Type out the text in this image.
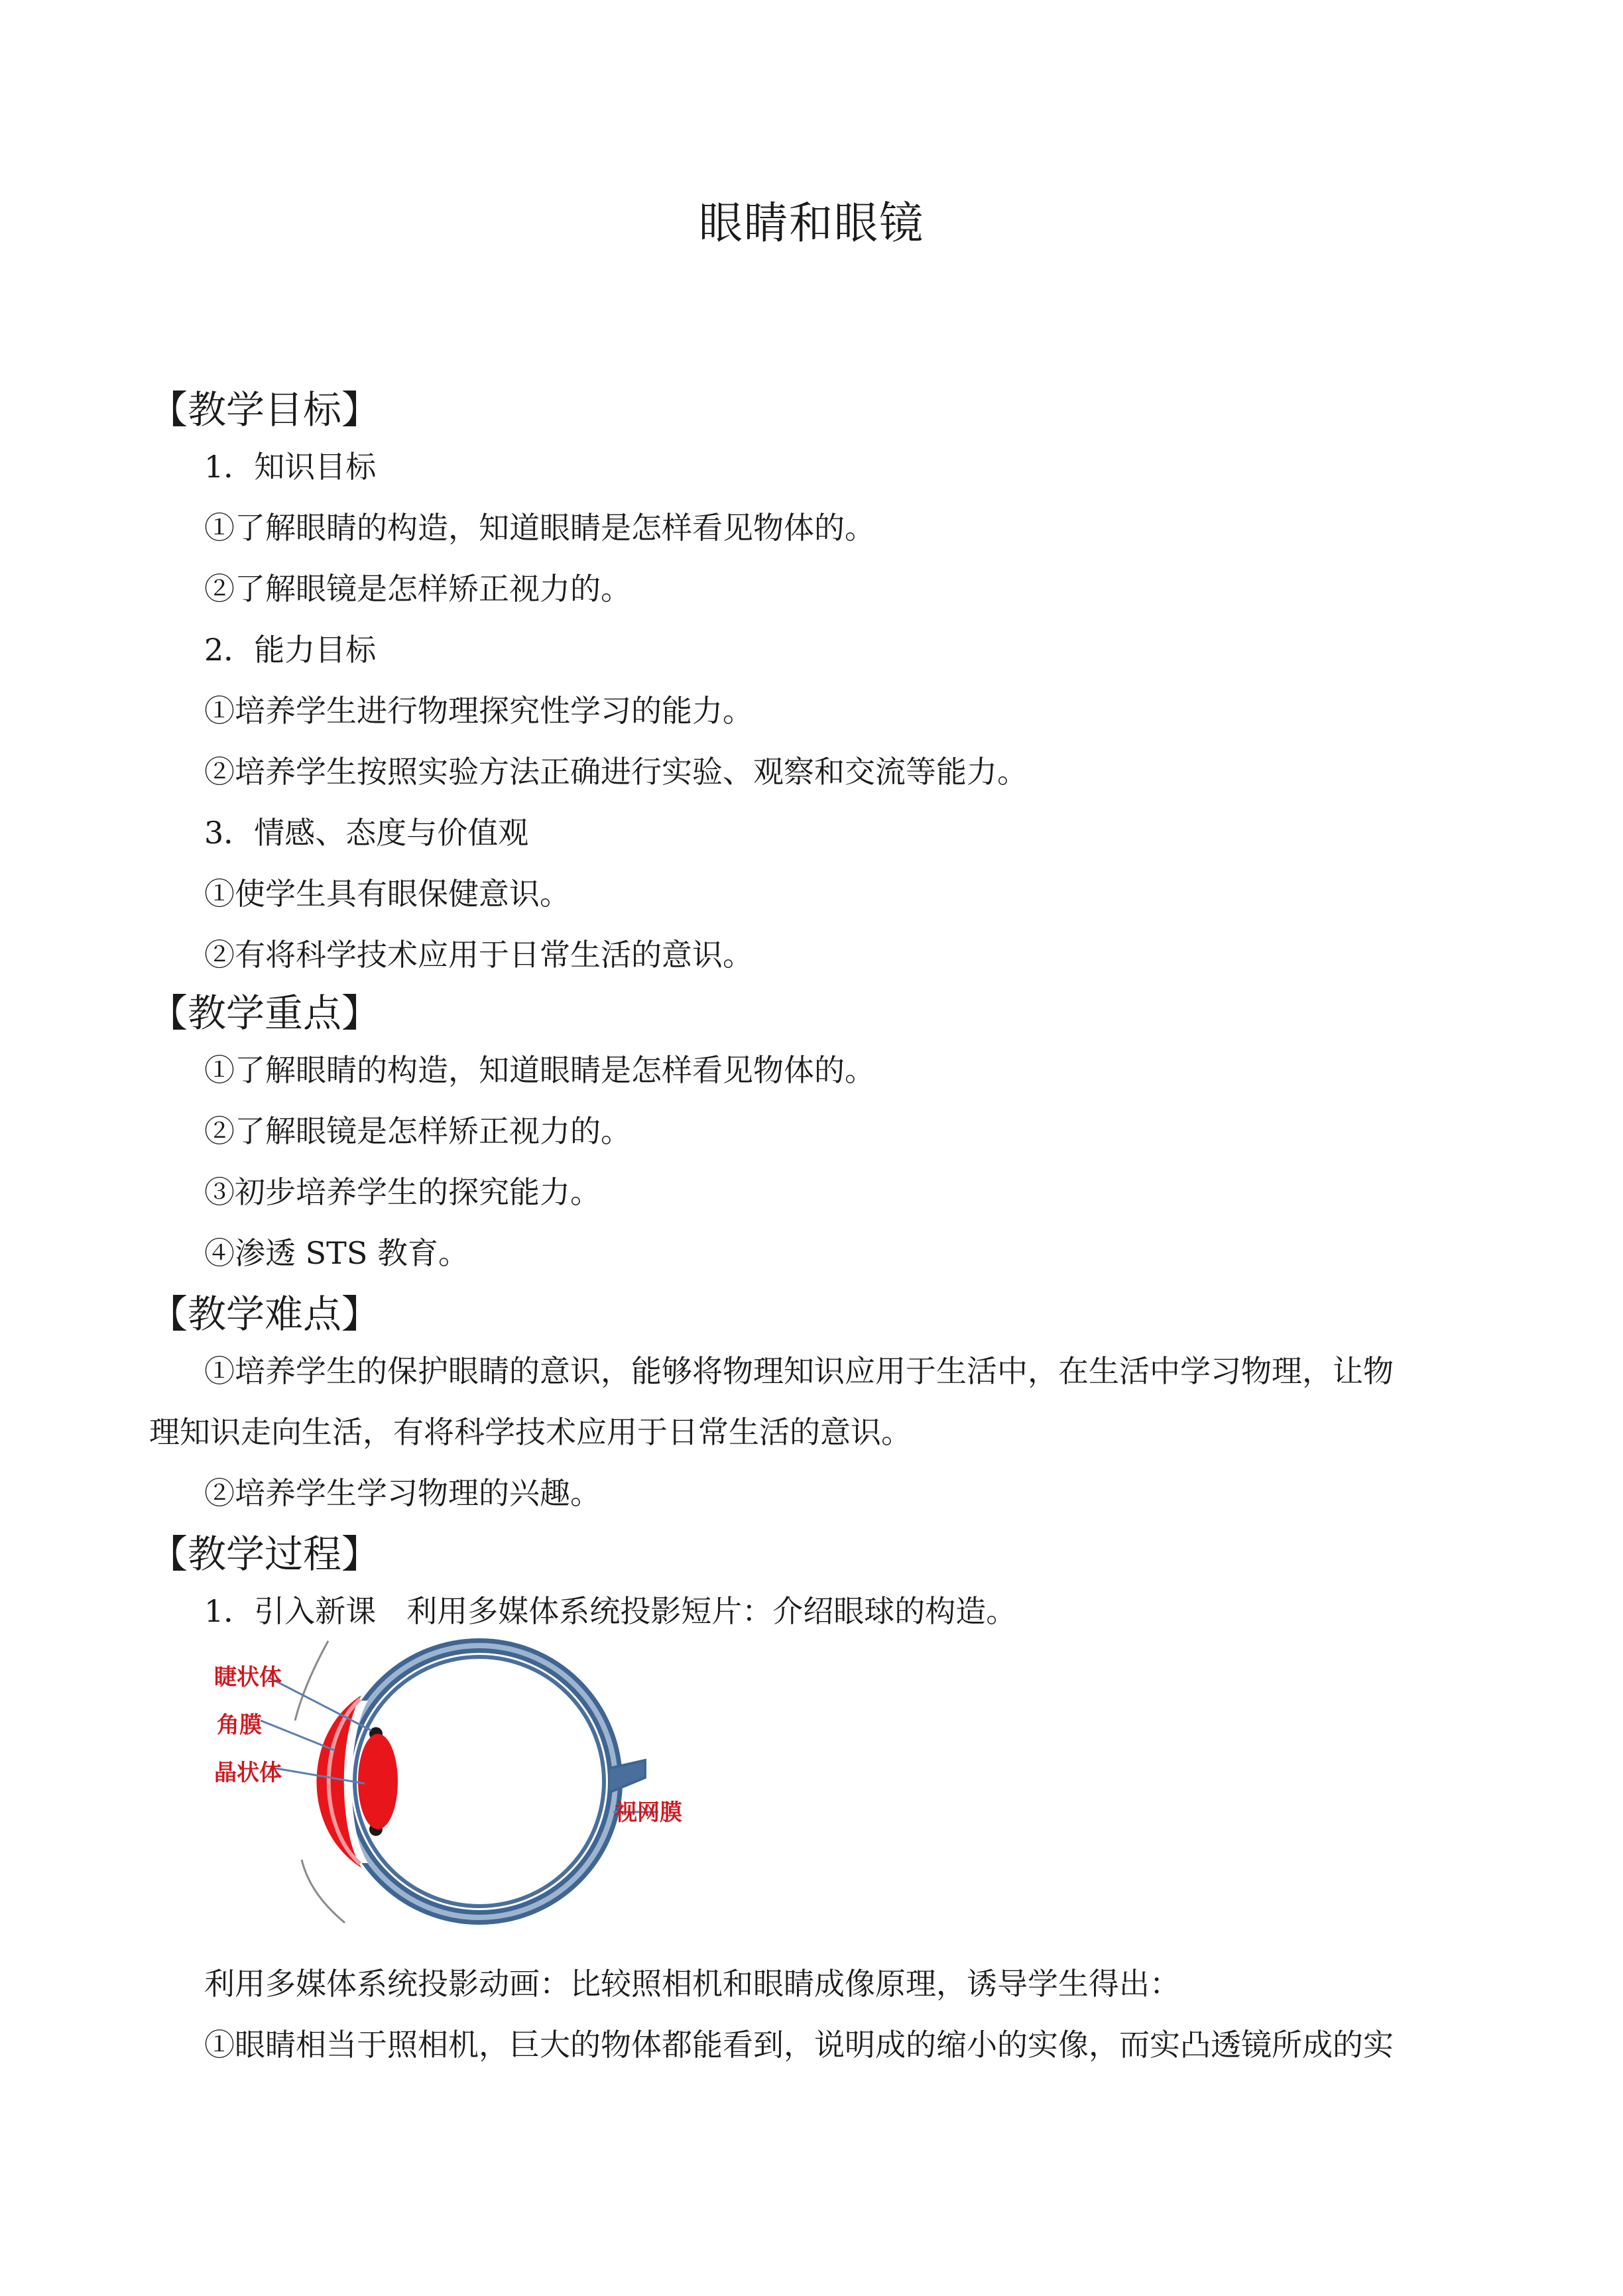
眼睛和眼镜
【教学目标】
1．知识目标
①了解眼睛的构造，知道眼睛是怎样看见物体的。
②了解眼镜是怎样矫正视力的。
2．能力目标
①培养学生进行物理探究性学习的能力。
②培养学生按照实验方法正确进行实验、观察和交流等能力。
3．情感、态度与价值观
①使学生具有眼保健意识。
②有将科学技术应用于日常生活的意识。
【教学重点】
①了解眼睛的构造，知道眼睛是怎样看见物体的。
②了解眼镜是怎样矫正视力的。
③初步培养学生的探究能力。
④渗透 STS 教育。
【教学难点】
①培养学生的保护眼睛的意识，能够将物理知识应用于生活中，在生活中学习物理，让物
理知识走向生活，有将科学技术应用于日常生活的意识。
②培养学生学习物理的兴趣。
【教学过程】
1．引入新课　利用多媒体系统投影短片：介绍眼球的构造。
睫状体
角膜
晶状体
视网膜
利用多媒体系统投影动画：比较照相机和眼睛成像原理，诱导学生得出：
①眼睛相当于照相机，巨大的物体都能看到，说明成的缩小的实像，而实凸透镜所成的实
